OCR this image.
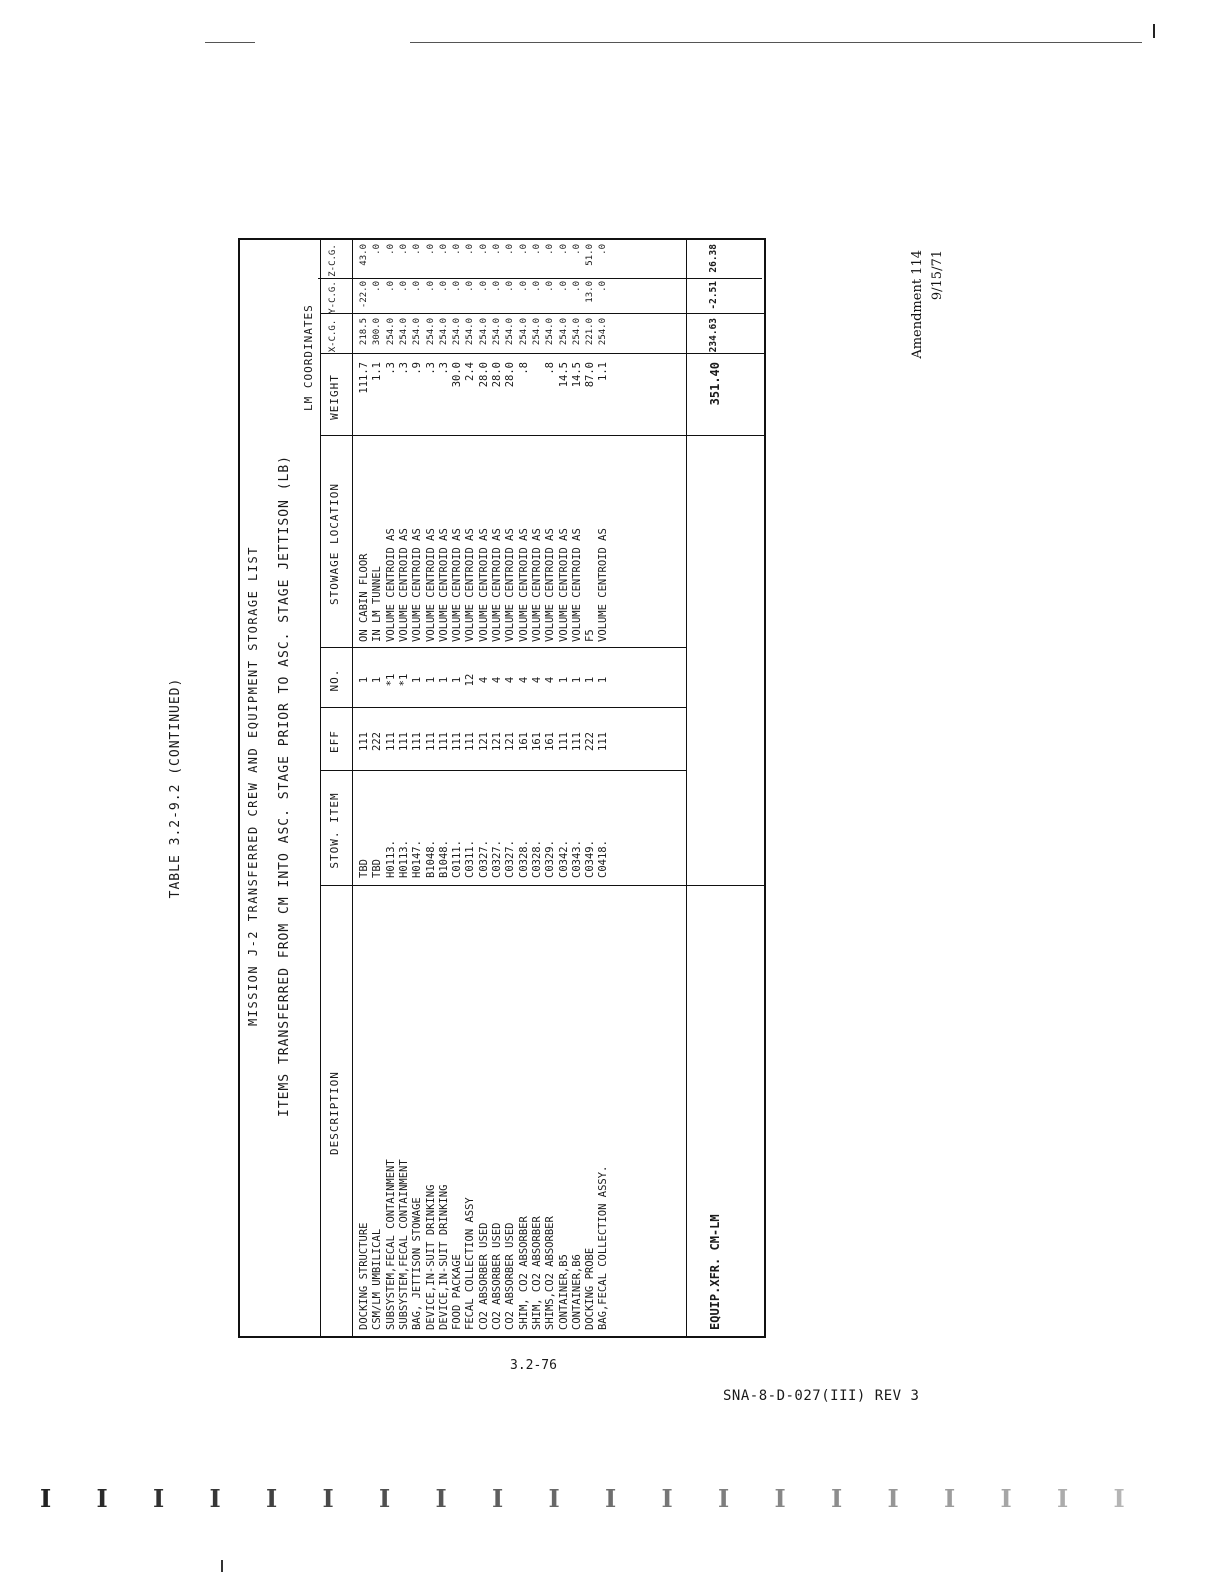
Amendment 114 9/15/71
TABLE 3.2-9.2 (CONTINUED)	MISSION J-2 TRANSFERRED CREW AND EQUIPMENT STORAGE LIST ITEMS TRANSFERRED FROM CM INTO ASC. STAGE PRIOR TO ASC. STAGE JETTISON (LB)
LM COORDINATES
DESCRIPTION
STOW. ITEM
EFF
NO.
STOWAGE LOCATION
WEIGHT
X-C.G.
Y-C.G.
Z-C.G.
DOCKING STRUCTURE
TBD
111
1
ON CABIN FLOOR
111.7
218.5
-22.0
43.0
CSM/LM UMBILICAL
TBD
222
1
IN LM TUNNEL
1.1
300.0
.0
.0
SUBSYSTEM,FECAL CONTAINMENT
H0113.
111
*1
VOLUME CENTROID AS
.3
254.0
.0
.0
SUBSYSTEM,FECAL CONTAINMENT
H0113.
111
*1
VOLUME CENTROID AS
.3
254.0
.0
.0
BAG, JETTISON STOWAGE
H0147.
111
1
VOLUME CENTROID AS
.9
254.0
.0
.0
DEVICE,IN-SUIT DRINKING
B1048.
111
1
VOLUME CENTROID AS
.3
254.0
.0
.0
DEVICE,IN-SUIT DRINKING
B1048.
111
1
VOLUME CENTROID AS
.3
254.0
.0
.0
FOOD PACKAGE
C0111.
111
1
VOLUME CENTROID AS
30.0
254.0
.0
.0
FECAL COLLECTION ASSY
C0311.
111
12
VOLUME CENTROID AS
2.4
254.0
.0
.0
CO2 ABSORBER USED
C0327.
121
4
VOLUME CENTROID AS
28.0
254.0
.0
.0
CO2 ABSORBER USED
C0327.
121
4
VOLUME CENTROID AS
28.0
254.0
.0
.0
CO2 ABSORBER USED
C0327.
121
4
VOLUME CENTROID AS
28.0
254.0
.0
.0
SHIM, CO2 ABSORBER
C0328.
161
4
VOLUME CENTROID AS
.8
254.0
.0
.0
SHIM, CO2 ABSORBER
C0328.
161
4
VOLUME CENTROID AS
254.0
.0
.0
SHIMS,CO2 ABSORBER
C0329.
161
4
VOLUME CENTROID AS
.8
254.0
.0
.0
CONTAINER,B5
C0342.
111
1
VOLUME CENTROID AS
14.5
254.0
.0
.0
CONTAINER,B6
C0343.
111
1
VOLUME CENTROID AS
14.5
254.0
.0
.0
DOCKING PROBE
C0349.
222
1
F5
87.0
221.0
13.0
51.0
BAG,FECAL COLLECTION ASSY.
C0418.
111
1
VOLUME CENTROID AS
1.1
254.0
.0
.0
EQUIP.XFR. CM-LM
351.40
234.63
-2.51
26.38
3.2-76
SNA-8-D-027(III) REV 3
Ⅰ Ⅰ Ⅰ Ⅰ Ⅰ Ⅰ Ⅰ Ⅰ Ⅰ Ⅰ Ⅰ Ⅰ Ⅰ Ⅰ Ⅰ Ⅰ Ⅰ Ⅰ Ⅰ Ⅰ
